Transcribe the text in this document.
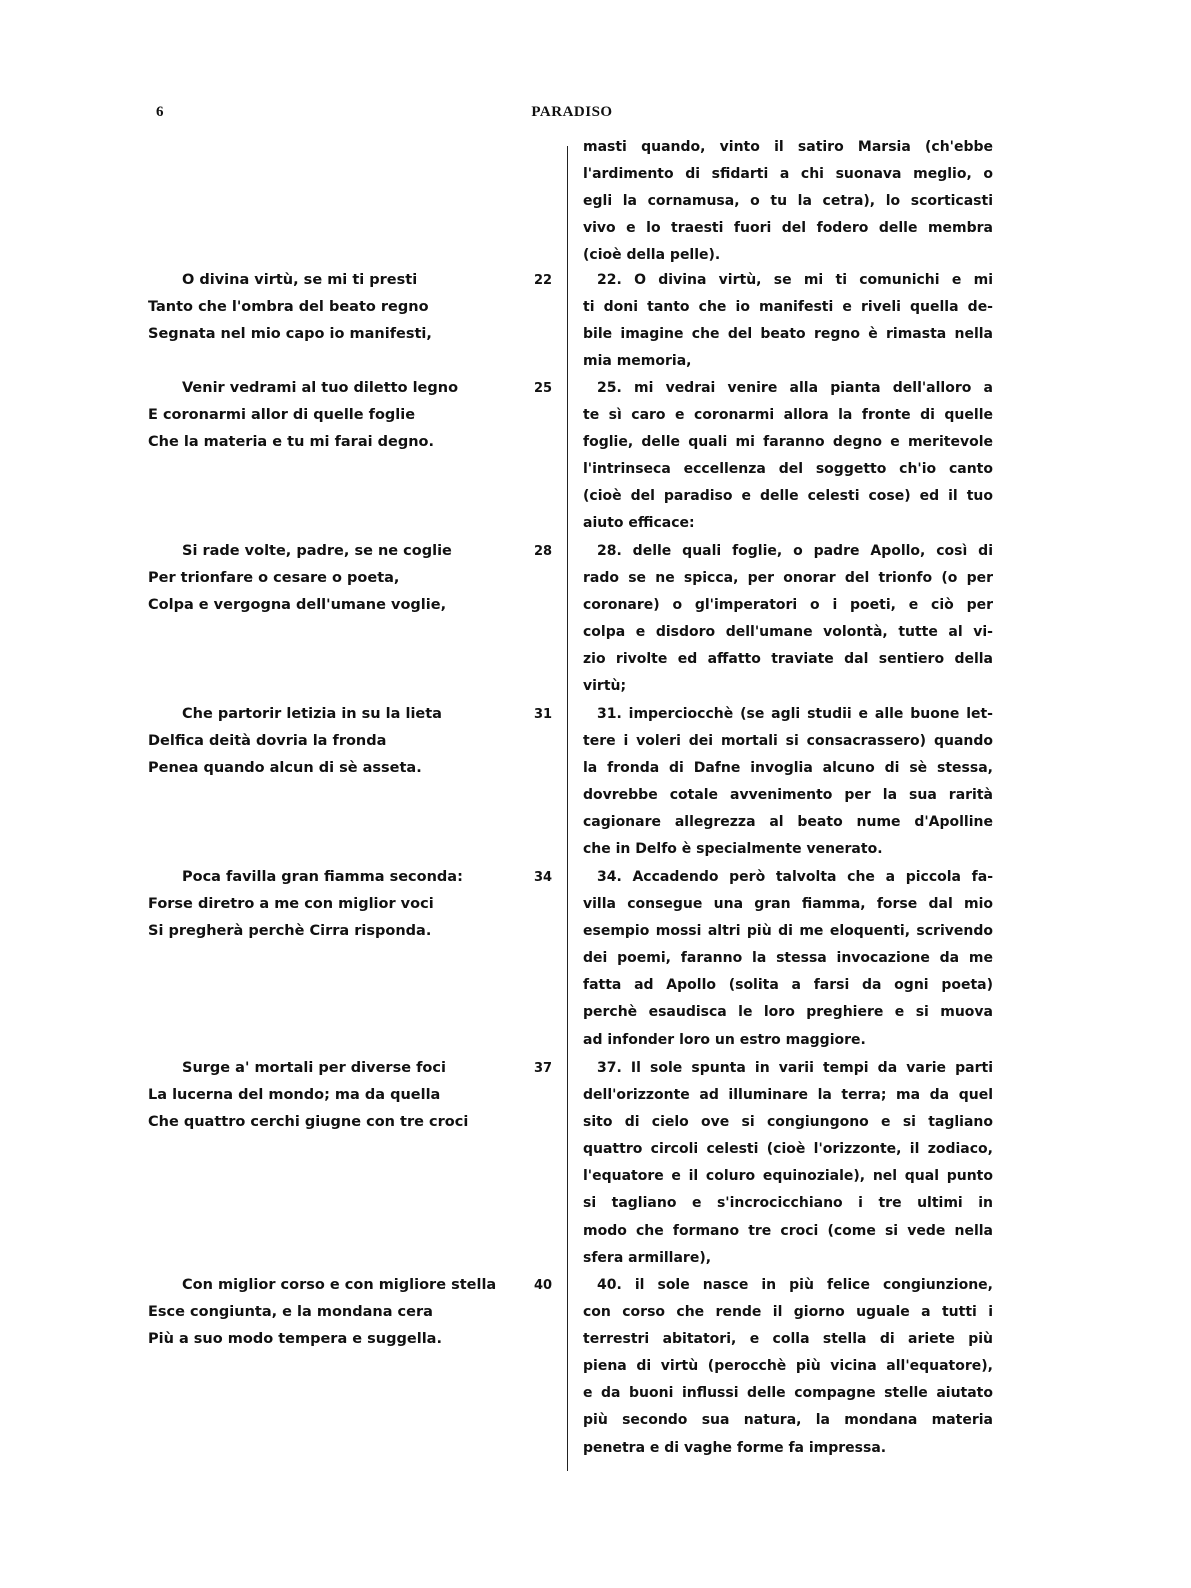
6	PARADISO
O divina virtù, se mi ti presti
Tanto che l'ombra del beato regno
Segnata nel mio capo io manifesti,
22
Venir vedrami al tuo diletto legno
E coronarmi allor di quelle foglie
Che la materia e tu mi farai degno.
25
Si rade volte, padre, se ne coglie
Per trionfare o cesare o poeta,
Colpa e vergogna dell'umane voglie,
28
Che partorir letizia in su la lieta
Delfica deità dovria la fronda
Penea quando alcun di sè asseta.
31
Poca favilla gran fiamma seconda:
Forse diretro a me con miglior voci
Si pregherà perchè Cirra risponda.
34
Surge a' mortali per diverse foci
La lucerna del mondo; ma da quella
Che quattro cerchi giugne con tre croci
37
Con miglior corso e con migliore stella
Esce congiunta, e la mondana cera
Più a suo modo tempera e suggella.
40
masti quando, vinto il satiro Marsia (ch'ebbe
l'ardimento di sfidarti a chi suonava meglio, o
egli la cornamusa, o tu la cetra), lo scorticasti
vivo e lo traesti fuori del fodero delle membra
(cioè della pelle).
22. O divina virtù, se mi ti comunichi e mi
ti doni tanto che io manifesti e riveli quella de-
bile imagine che del beato regno è rimasta nella
mia memoria,
25. mi vedrai venire alla pianta dell'alloro a
te sì caro e coronarmi allora la fronte di quelle
foglie, delle quali mi faranno degno e meritevole
l'intrinseca eccellenza del soggetto ch'io canto
(cioè del paradiso e delle celesti cose) ed il tuo
aiuto efficace:
28. delle quali foglie, o padre Apollo, così di
rado se ne spicca, per onorar del trionfo (o per
coronare) o gl'imperatori o i poeti, e ciò per
colpa e disdoro dell'umane volontà, tutte al vi-
zio rivolte ed affatto traviate dal sentiero della
virtù;
31. imperciocchè (se agli studii e alle buone let-
tere i voleri dei mortali si consacrassero) quando
la fronda di Dafne invoglia alcuno di sè stessa,
dovrebbe cotale avvenimento per la sua rarità
cagionare allegrezza al beato nume d'Apolline
che in Delfo è specialmente venerato.
34. Accadendo però talvolta che a piccola fa-
villa consegue una gran fiamma, forse dal mio
esempio mossi altri più di me eloquenti, scrivendo
dei poemi, faranno la stessa invocazione da me
fatta ad Apollo (solita a farsi da ogni poeta)
perchè esaudisca le loro preghiere e si muova
ad infonder loro un estro maggiore.
37. Il sole spunta in varii tempi da varie parti
dell'orizzonte ad illuminare la terra; ma da quel
sito di cielo ove si congiungono e si tagliano
quattro circoli celesti (cioè l'orizzonte, il zodiaco,
l'equatore e il coluro equinoziale), nel qual punto
si tagliano e s'incrocicchiano i tre ultimi in
modo che formano tre croci (come si vede nella
sfera armillare),
40. il sole nasce in più felice congiunzione,
con corso che rende il giorno uguale a tutti i
terrestri abitatori, e colla stella di ariete più
piena di virtù (perocchè più vicina all'equatore),
e da buoni influssi delle compagne stelle aiutato
più secondo sua natura, la mondana materia
penetra e di vaghe forme fa impressa.
